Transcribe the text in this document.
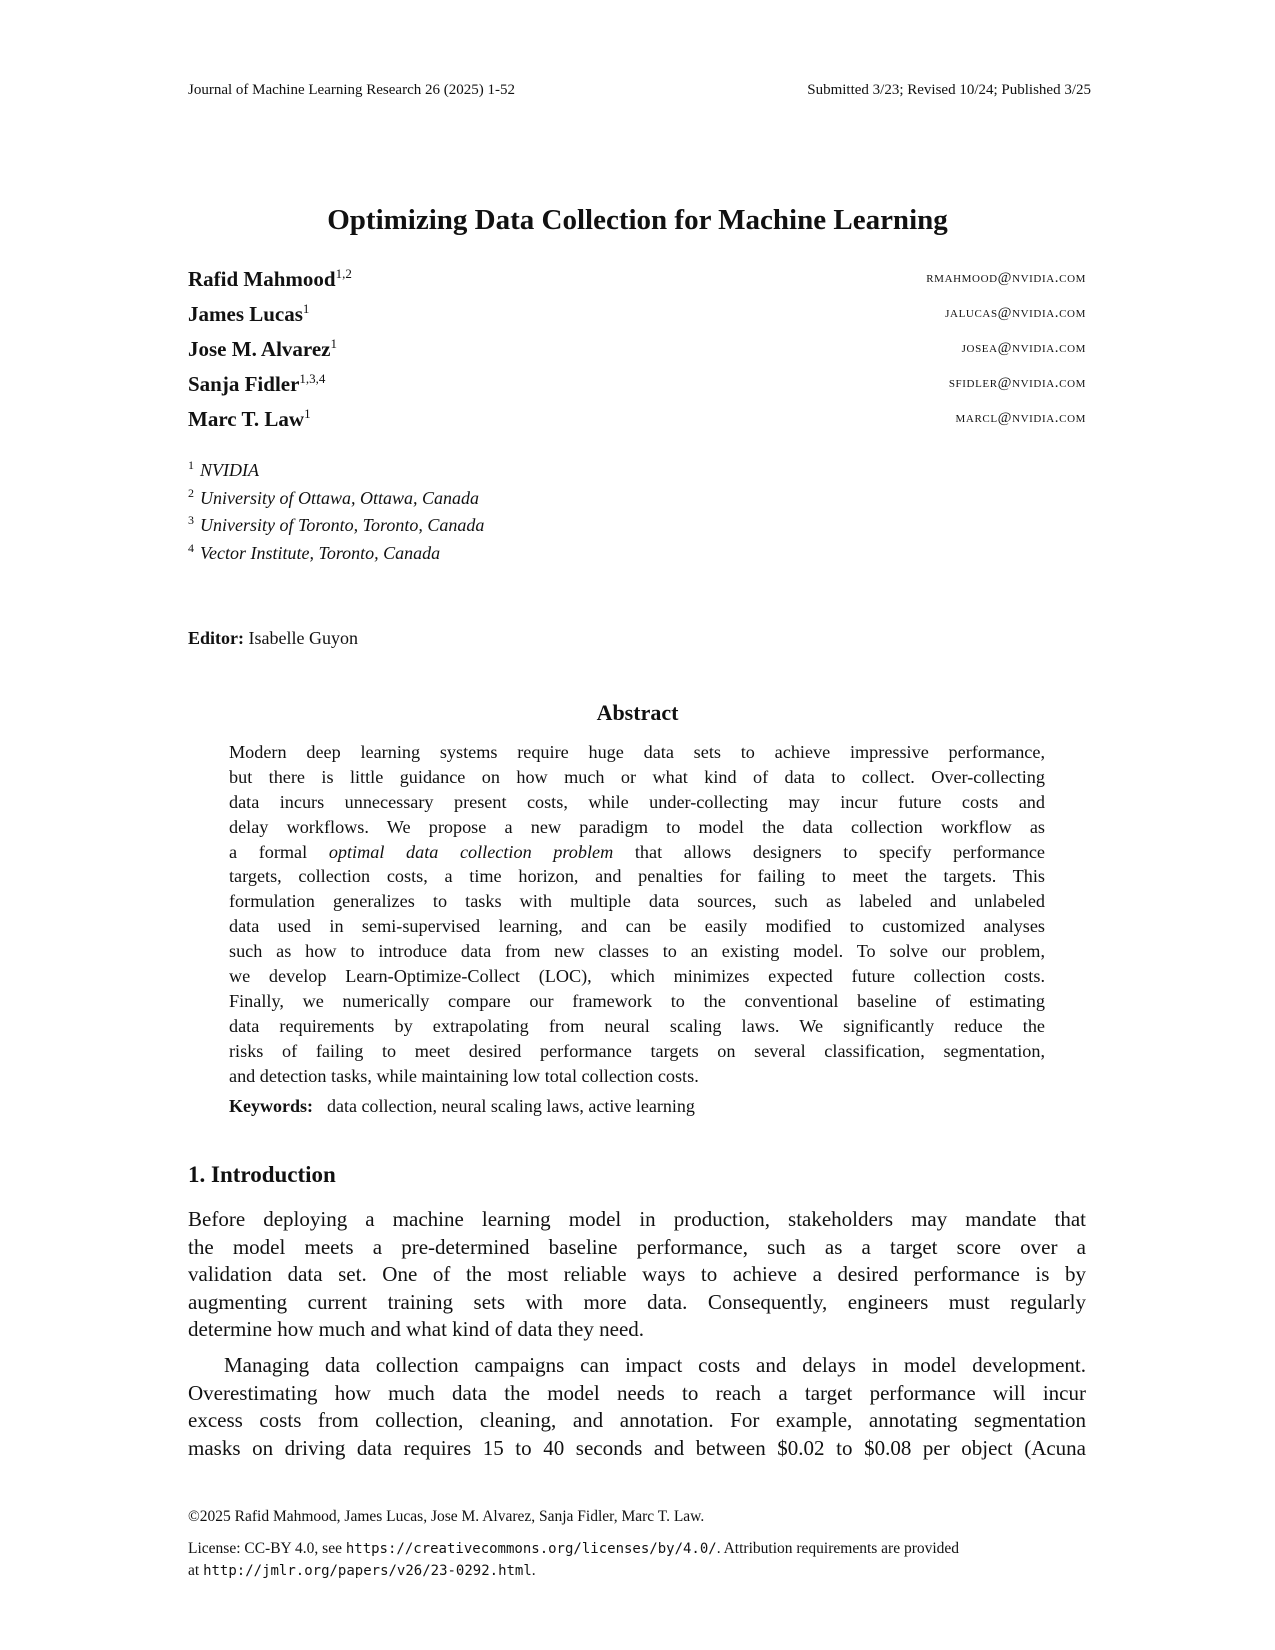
Journal of Machine Learning Research 26 (2025) 1-52	Submitted 3/23; Revised 10/24; Published 3/25
Optimizing Data Collection for Machine Learning
Rafid Mahmood$^{1,2}$	rmahmood@nvidia.com
James Lucas$^1$	jalucas@nvidia.com
Jose M. Alvarez$^1$	josea@nvidia.com
Sanja Fidler$^{1,3,4}$	sfidler@nvidia.com
Marc T. Law$^1$	marcl@nvidia.com
$^1$ NVIDIA
$^2$ University of Ottawa, Ottawa, Canada
$^3$ University of Toronto, Toronto, Canada
$^4$ Vector Institute, Toronto, Canada
Editor: Isabelle Guyon
Abstract
Modern deep learning systems require huge data sets to achieve impressive performance,
but there is little guidance on how much or what kind of data to collect. Over-collecting
data incurs unnecessary present costs, while under-collecting may incur future costs and
delay workflows. We propose a new paradigm to model the data collection workflow as
a formal optimal data collection problem that allows designers to specify performance
targets, collection costs, a time horizon, and penalties for failing to meet the targets. This
formulation generalizes to tasks with multiple data sources, such as labeled and unlabeled
data used in semi-supervised learning, and can be easily modified to customized analyses
such as how to introduce data from new classes to an existing model. To solve our problem,
we develop Learn-Optimize-Collect (LOC), which minimizes expected future collection costs.
Finally, we numerically compare our framework to the conventional baseline of estimating
data requirements by extrapolating from neural scaling laws. We significantly reduce the
risks of failing to meet desired performance targets on several classification, segmentation,
and detection tasks, while maintaining low total collection costs.
Keywords: data collection, neural scaling laws, active learning
1. Introduction
Before deploying a machine learning model in production, stakeholders may mandate that
the model meets a pre-determined baseline performance, such as a target score over a
validation data set. One of the most reliable ways to achieve a desired performance is by
augmenting current training sets with more data. Consequently, engineers must regularly
determine how much and what kind of data they need.
Managing data collection campaigns can impact costs and delays in model development.
Overestimating how much data the model needs to reach a target performance will incur
excess costs from collection, cleaning, and annotation. For example, annotating segmentation
masks on driving data requires 15 to 40 seconds and between $0.02 to $0.08 per object (Acuna
©2025 Rafid Mahmood, James Lucas, Jose M. Alvarez, Sanja Fidler, Marc T. Law.
License: CC-BY 4.0, see https://creativecommons.org/licenses/by/4.0/. Attribution requirements are provided
at http://jmlr.org/papers/v26/23-0292.html.
